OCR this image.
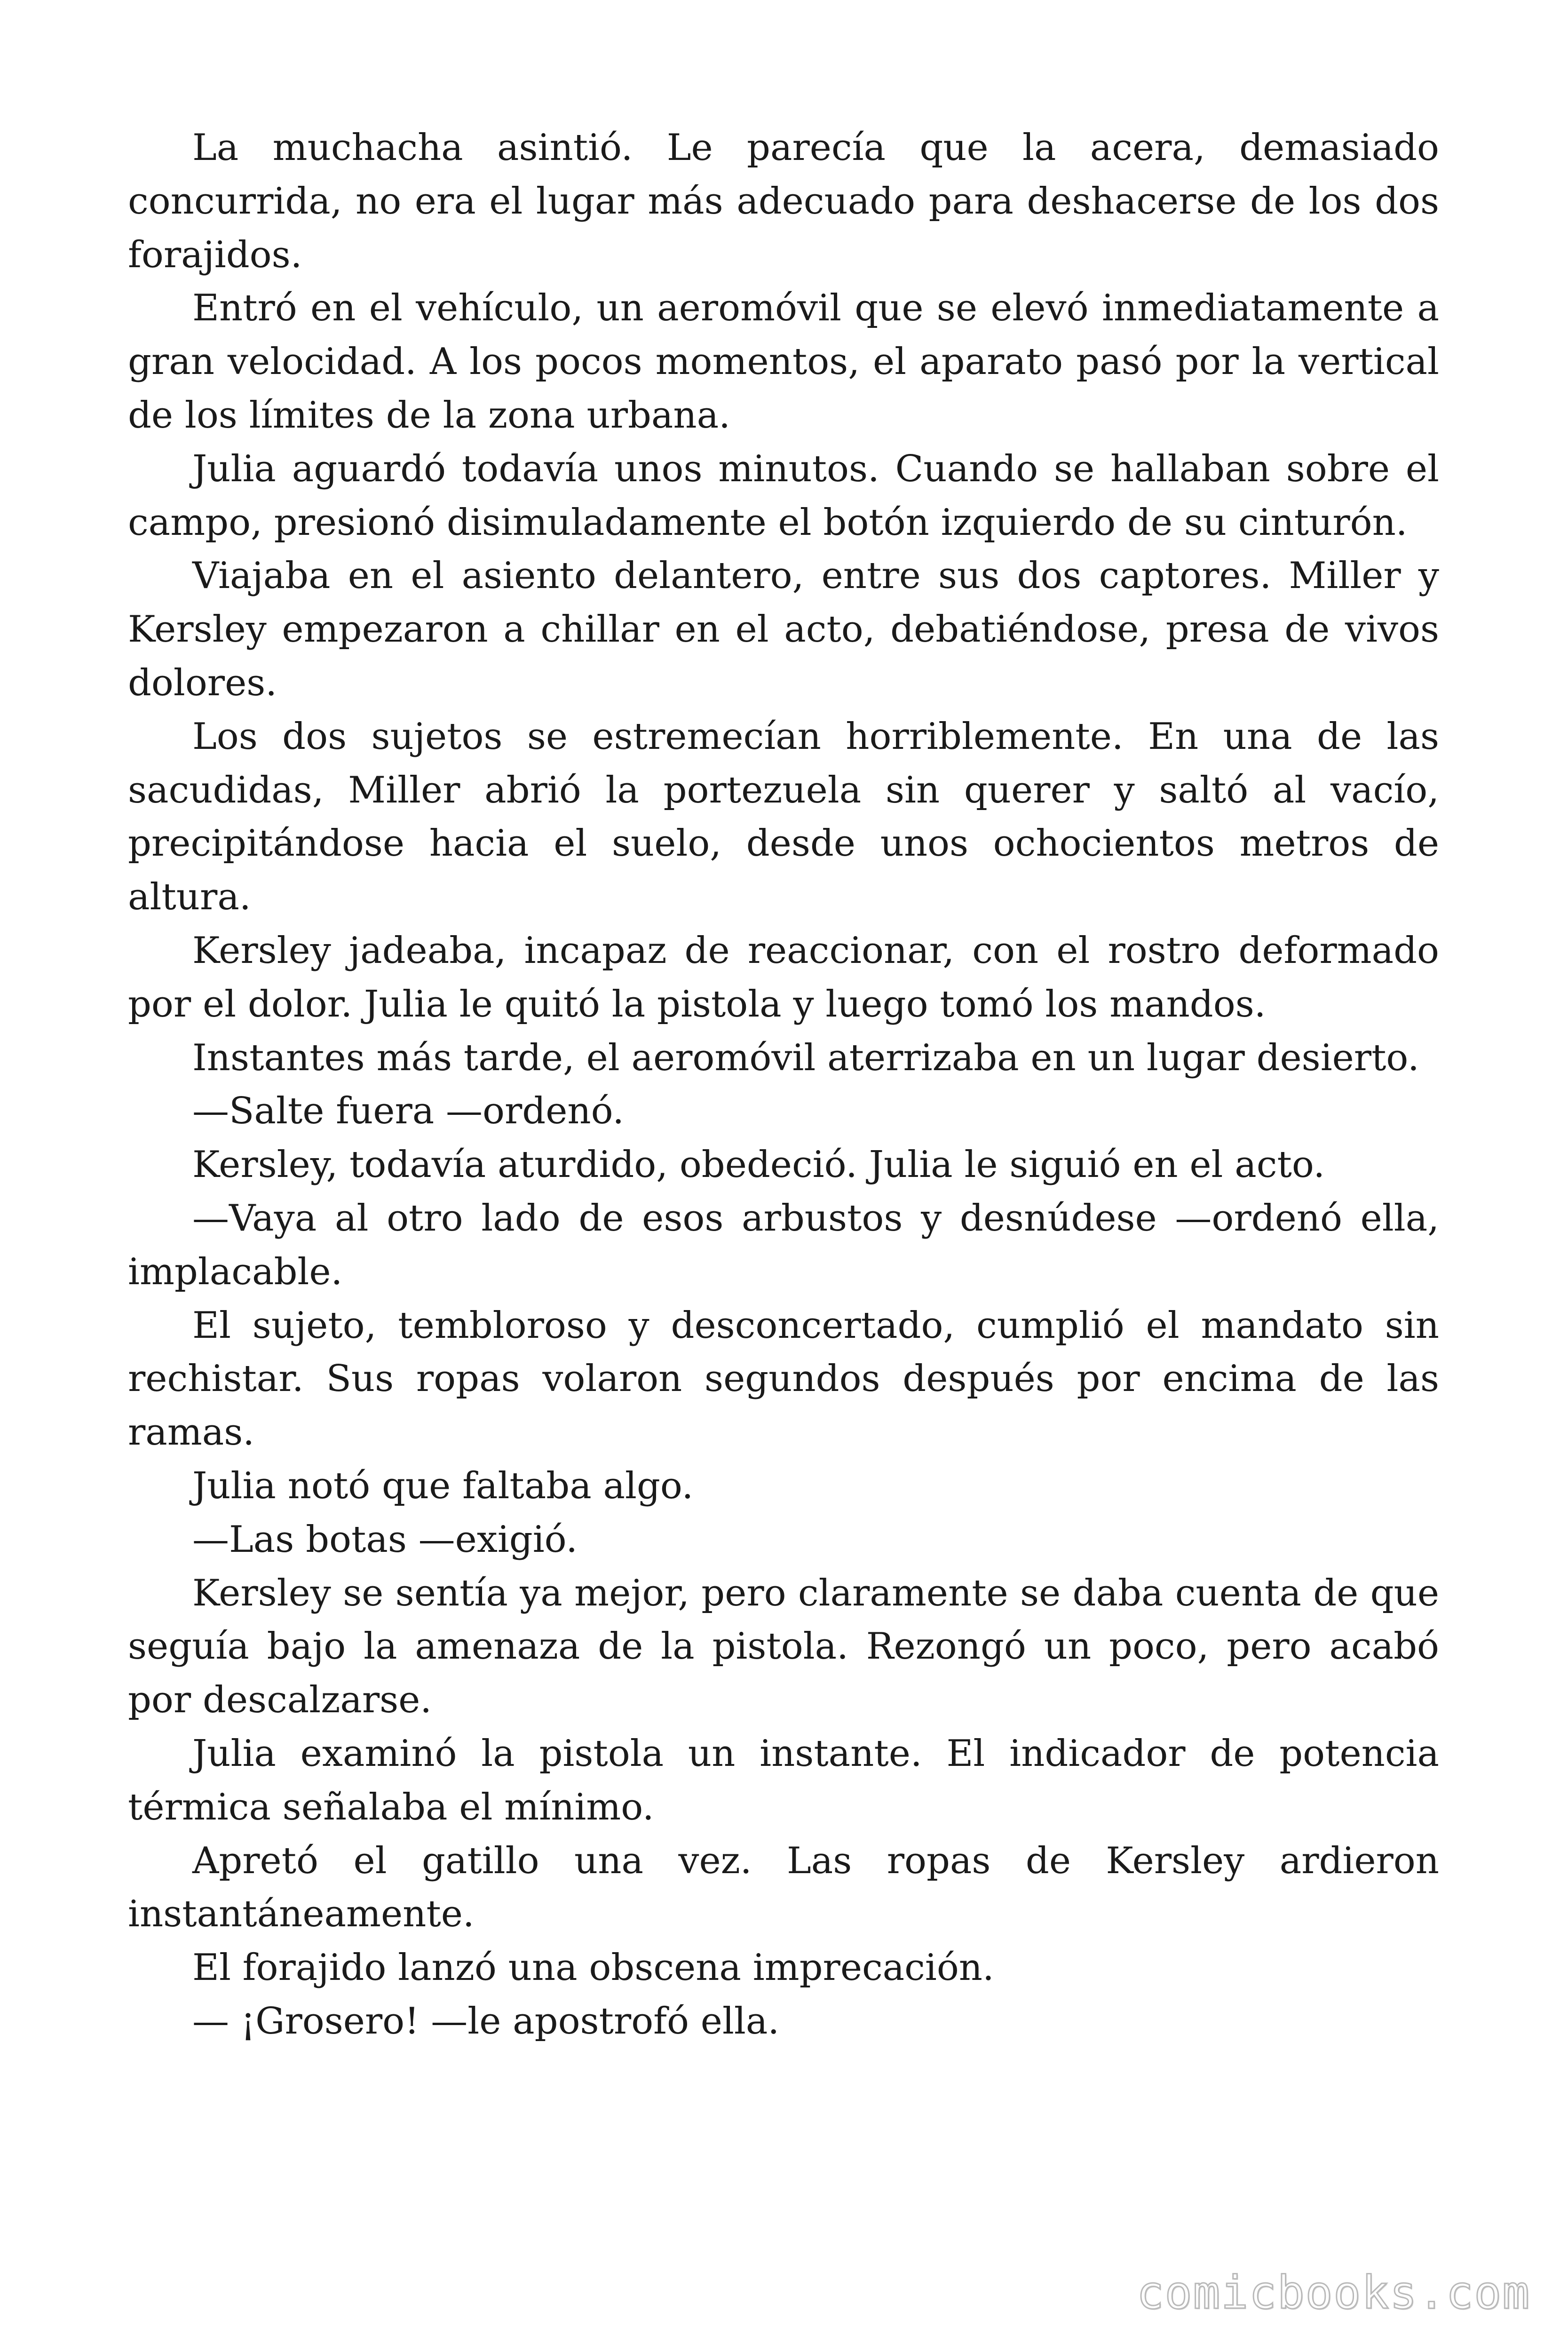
La muchacha asintió. Le parecía que la acera, demasiado concurrida, no era el lugar más adecuado para deshacerse de los dos forajidos.

Entró en el vehículo, un aeromóvil que se elevó inmediatamente a gran velocidad. A los pocos momentos, el aparato pasó por la vertical de los límites de la zona urbana.

Julia aguardó todavía unos minutos. Cuando se hallaban sobre el campo, presionó disimuladamente el botón izquierdo de su cinturón.

Viajaba en el asiento delantero, entre sus dos captores. Miller y Kersley empezaron a chillar en el acto, debatiéndose, presa de vivos dolores.

Los dos sujetos se estremecían horriblemente. En una de las sacudidas, Miller abrió la portezuela sin querer y saltó al vacío, precipitándose hacia el suelo, desde unos ochocientos metros de altura.

Kersley jadeaba, incapaz de reaccionar, con el rostro deformado por el dolor. Julia le quitó la pistola y luego tomó los mandos.

Instantes más tarde, el aeromóvil aterrizaba en un lugar desierto.

—Salte fuera —ordenó.

Kersley, todavía aturdido, obedeció. Julia le siguió en el acto.

—Vaya al otro lado de esos arbustos y desnúdese —ordenó ella, implacable.

El sujeto, tembloroso y desconcertado, cumplió el mandato sin rechistar. Sus ropas volaron segundos después por encima de las ramas.

Julia notó que faltaba algo.

—Las botas —exigió.

Kersley se sentía ya mejor, pero claramente se daba cuenta de que seguía bajo la amenaza de la pistola. Rezongó un poco, pero acabó por descalzarse.

Julia examinó la pistola un instante. El indicador de potencia térmica señalaba el mínimo.

Apretó el gatillo una vez. Las ropas de Kersley ardieron instantáneamente.

El forajido lanzó una obscena imprecación.

— ¡Grosero! —le apostrofó ella.

comicbooks.com
